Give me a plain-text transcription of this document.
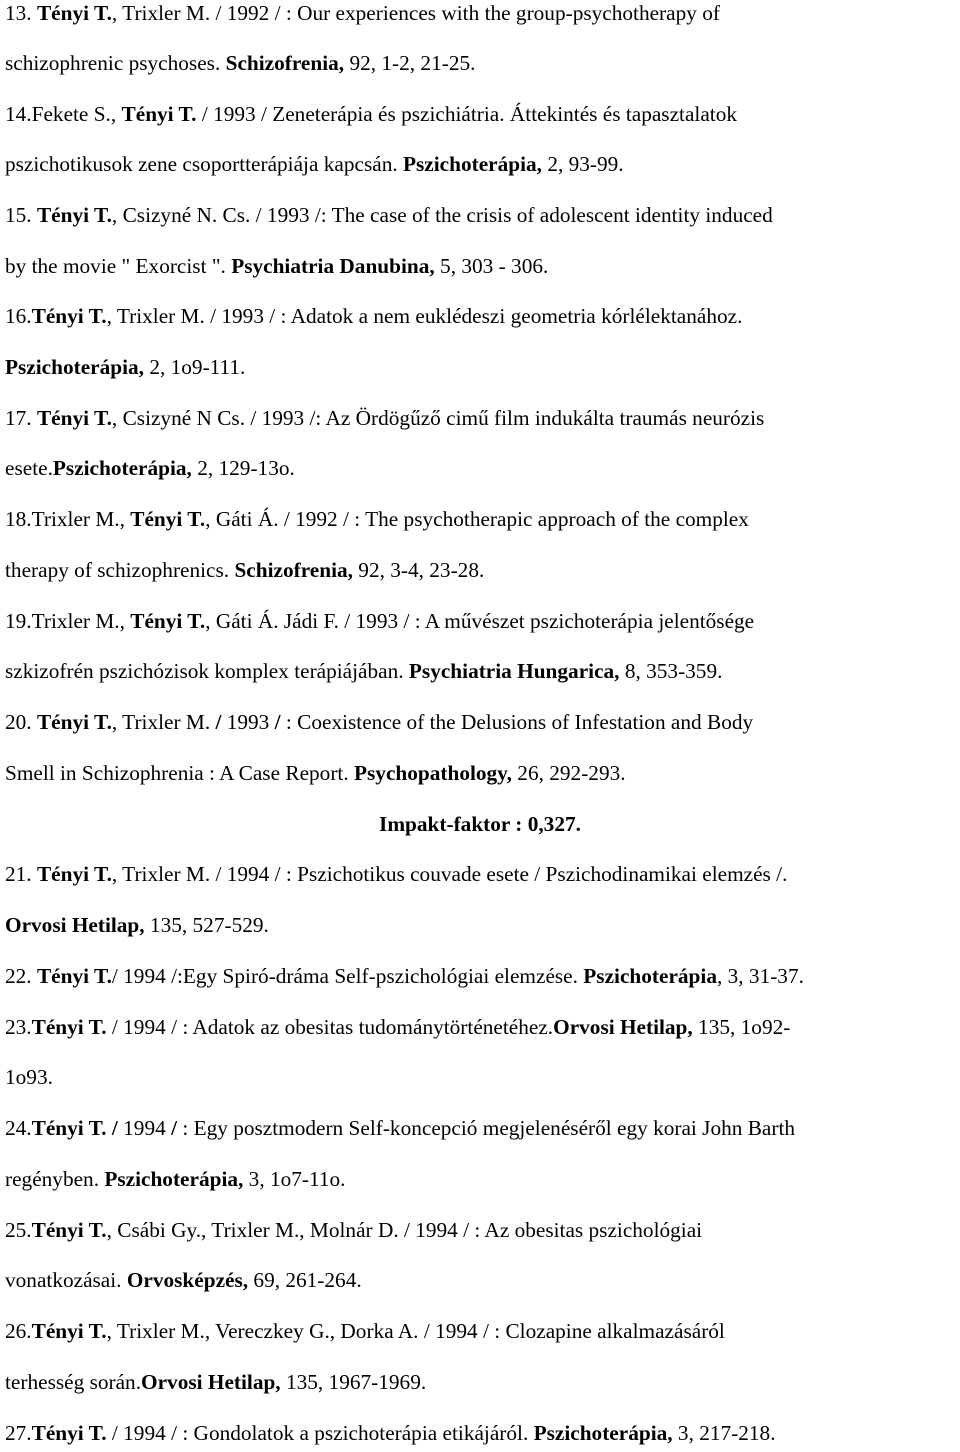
13. Tényi T., Trixler M. / 1992 / : Our experiences with the group-psychotherapy of
schizophrenic psychoses. Schizofrenia, 92, 1-2, 21-25.
14.Fekete S., Tényi T. / 1993 / Zeneterápia és pszichiátria. Áttekintés és tapasztalatok
pszichotikusok zene csoportterápiája kapcsán. Pszichoterápia, 2, 93-99.
15. Tényi T., Csizyné N. Cs. / 1993 /: The case of the crisis of adolescent identity induced
by the movie " Exorcist ". Psychiatria Danubina, 5, 303 - 306.
16.Tényi T., Trixler M. / 1993 / : Adatok a nem euklédeszi geometria kórlélektanához.
Pszichoterápia, 2, 1o9-111.
17. Tényi T., Csizyné N Cs. / 1993 /: Az Ördögűző cimű film indukálta traumás neurózis
esete.Pszichoterápia, 2, 129-13o.
18.Trixler M., Tényi T., Gáti Á. / 1992 / : The psychotherapic approach of the complex
therapy of schizophrenics. Schizofrenia, 92, 3-4, 23-28.
19.Trixler M., Tényi T., Gáti Á. Jádi F. / 1993 / : A művészet pszichoterápia jelentősége
szkizofrén pszichózisok komplex terápiájában. Psychiatria Hungarica, 8, 353-359.
20. Tényi T., Trixler M. / 1993 / : Coexistence of the Delusions of Infestation and Body
Smell in Schizophrenia : A Case Report. Psychopathology, 26, 292-293.
Impakt-faktor : 0,327.
21. Tényi T., Trixler M. / 1994 / : Pszichotikus couvade esete / Pszichodinamikai elemzés /.
Orvosi Hetilap, 135, 527-529.
22. Tényi T./ 1994 /:Egy Spiró-dráma Self-pszichológiai elemzése. Pszichoterápia, 3, 31-37.
23.Tényi T. / 1994 / : Adatok az obesitas tudománytörténetéhez.Orvosi Hetilap, 135, 1o92-
1o93.
24.Tényi T. / 1994 / : Egy posztmodern Self-koncepció megjelenéséről egy korai John Barth
regényben. Pszichoterápia, 3, 1o7-11o.
25.Tényi T., Csábi Gy., Trixler M., Molnár D. / 1994 / : Az obesitas pszichológiai
vonatkozásai. Orvosképzés, 69, 261-264.
26.Tényi T., Trixler M., Vereczkey G., Dorka A. / 1994 / : Clozapine alkalmazásáról
terhesség során.Orvosi Hetilap, 135, 1967-1969.
27.Tényi T. / 1994 / : Gondolatok a pszichoterápia etikájáról. Pszichoterápia, 3, 217-218.
